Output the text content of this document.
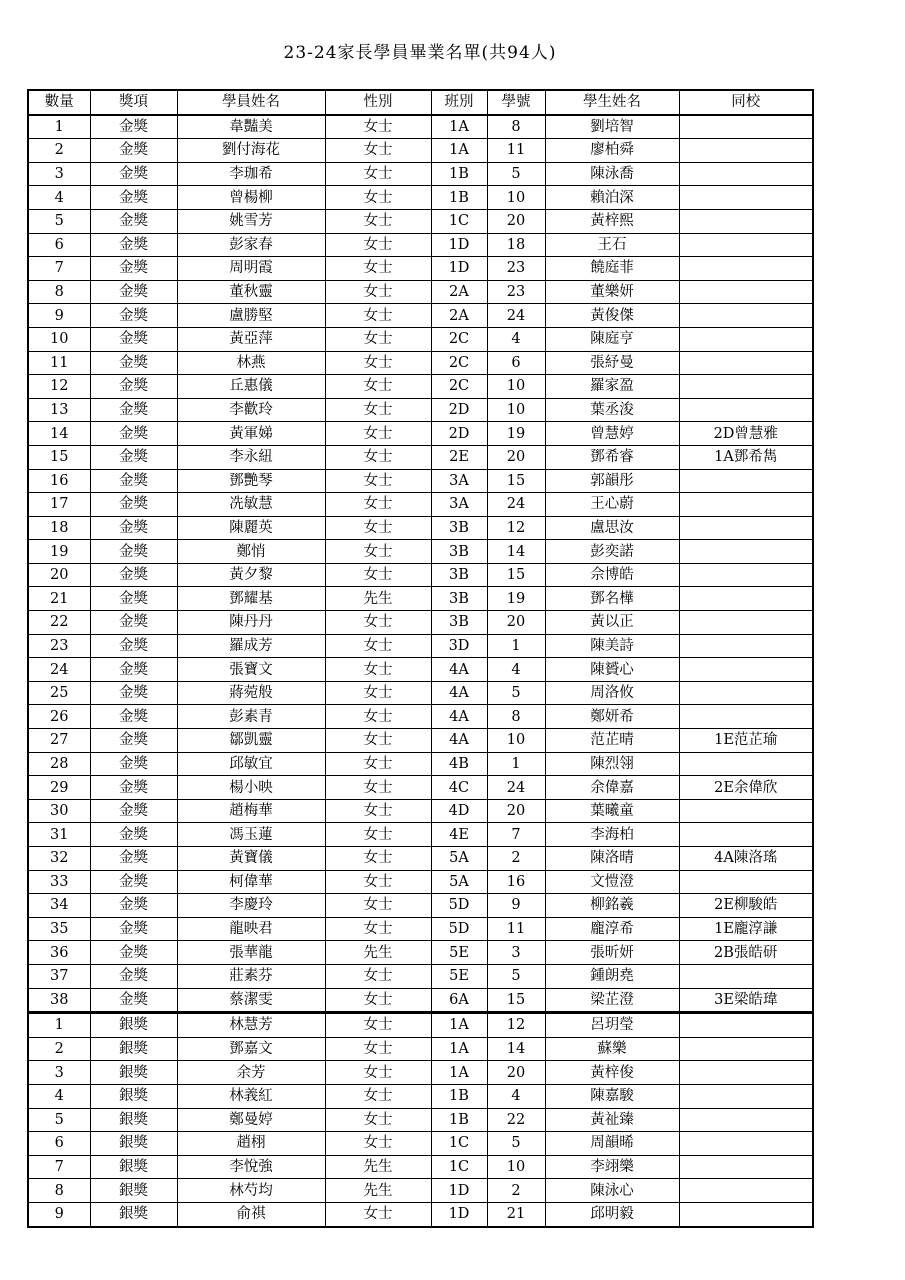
23-24家長學員畢業名單(共94人)
數量	獎項	學員姓名	性別	班別	學號	學生姓名	同校
1	金獎	韋豔美	女士	1A	8	劉培智	
2	金獎	劉付海花	女士	1A	11	廖柏舜	
3	金獎	李珈希	女士	1B	5	陳泳喬	
4	金獎	曾楊柳	女士	1B	10	賴泊深	
5	金獎	姚雪芳	女士	1C	20	黃梓熙	
6	金獎	彭家春	女士	1D	18	王石	
7	金獎	周明霞	女士	1D	23	饒庭菲	
8	金獎	董秋靈	女士	2A	23	董樂妍	
9	金獎	盧勝堅	女士	2A	24	黃俊傑	
10	金獎	黃亞萍	女士	2C	4	陳庭亨	
11	金獎	林燕	女士	2C	6	張紓曼	
12	金獎	丘惠儀	女士	2C	10	羅家盈	
13	金獎	李歡玲	女士	2D	10	葉丞浚	
14	金獎	黃軍娣	女士	2D	19	曾慧婷	2D曾慧雅
15	金獎	李永紐	女士	2E	20	鄧希睿	1A鄧希雋
16	金獎	鄧艷琴	女士	3A	15	郭韻彤	
17	金獎	冼敏慧	女士	3A	24	王心蔚	
18	金獎	陳麗英	女士	3B	12	盧思汝	
19	金獎	鄭悄	女士	3B	14	彭奕諾	
20	金獎	黃夕黎	女士	3B	15	佘博皓	
21	金獎	鄧耀基	先生	3B	19	鄧名樺	
22	金獎	陳丹丹	女士	3B	20	黃以正	
23	金獎	羅成芳	女士	3D	1	陳美詩	
24	金獎	張寶文	女士	4A	4	陳贇心	
25	金獎	蔣菀般	女士	4A	5	周洛攸	
26	金獎	彭素青	女士	4A	8	鄭妍希	
27	金獎	鄒凱靈	女士	4A	10	范芷晴	1E范芷瑜
28	金獎	邱敏宜	女士	4B	1	陳烈翎	
29	金獎	楊小映	女士	4C	24	余偉嘉	2E余偉欣
30	金獎	趙梅華	女士	4D	20	葉曦童	
31	金獎	馮玉蓮	女士	4E	7	李海柏	
32	金獎	黃寶儀	女士	5A	2	陳洛晴	4A陳洛瑤
33	金獎	柯偉華	女士	5A	16	文愷澄	
34	金獎	李慶玲	女士	5D	9	柳銘羲	2E柳駿皓
35	金獎	龍映君	女士	5D	11	龐淳希	1E龐淳謙
36	金獎	張華龍	先生	5E	3	張昕妍	2B張皓研
37	金獎	莊素芬	女士	5E	5	鍾朗堯	
38	金獎	蔡潔雯	女士	6A	15	梁芷澄	3E梁皓瑋
1	銀獎	林慧芳	女士	1A	12	呂玥瑩	
2	銀獎	鄧嘉文	女士	1A	14	蘇樂	
3	銀獎	余芳	女士	1A	20	黃梓俊	
4	銀獎	林義紅	女士	1B	4	陳嘉駿	
5	銀獎	鄭曼婷	女士	1B	22	黃祉臻	
6	銀獎	趙栩	女士	1C	5	周韻晞	
7	銀獎	李悅強	先生	1C	10	李翊樂	
8	銀獎	林芍均	先生	1D	2	陳泳心	
9	銀獎	俞祺	女士	1D	21	邱明毅	
